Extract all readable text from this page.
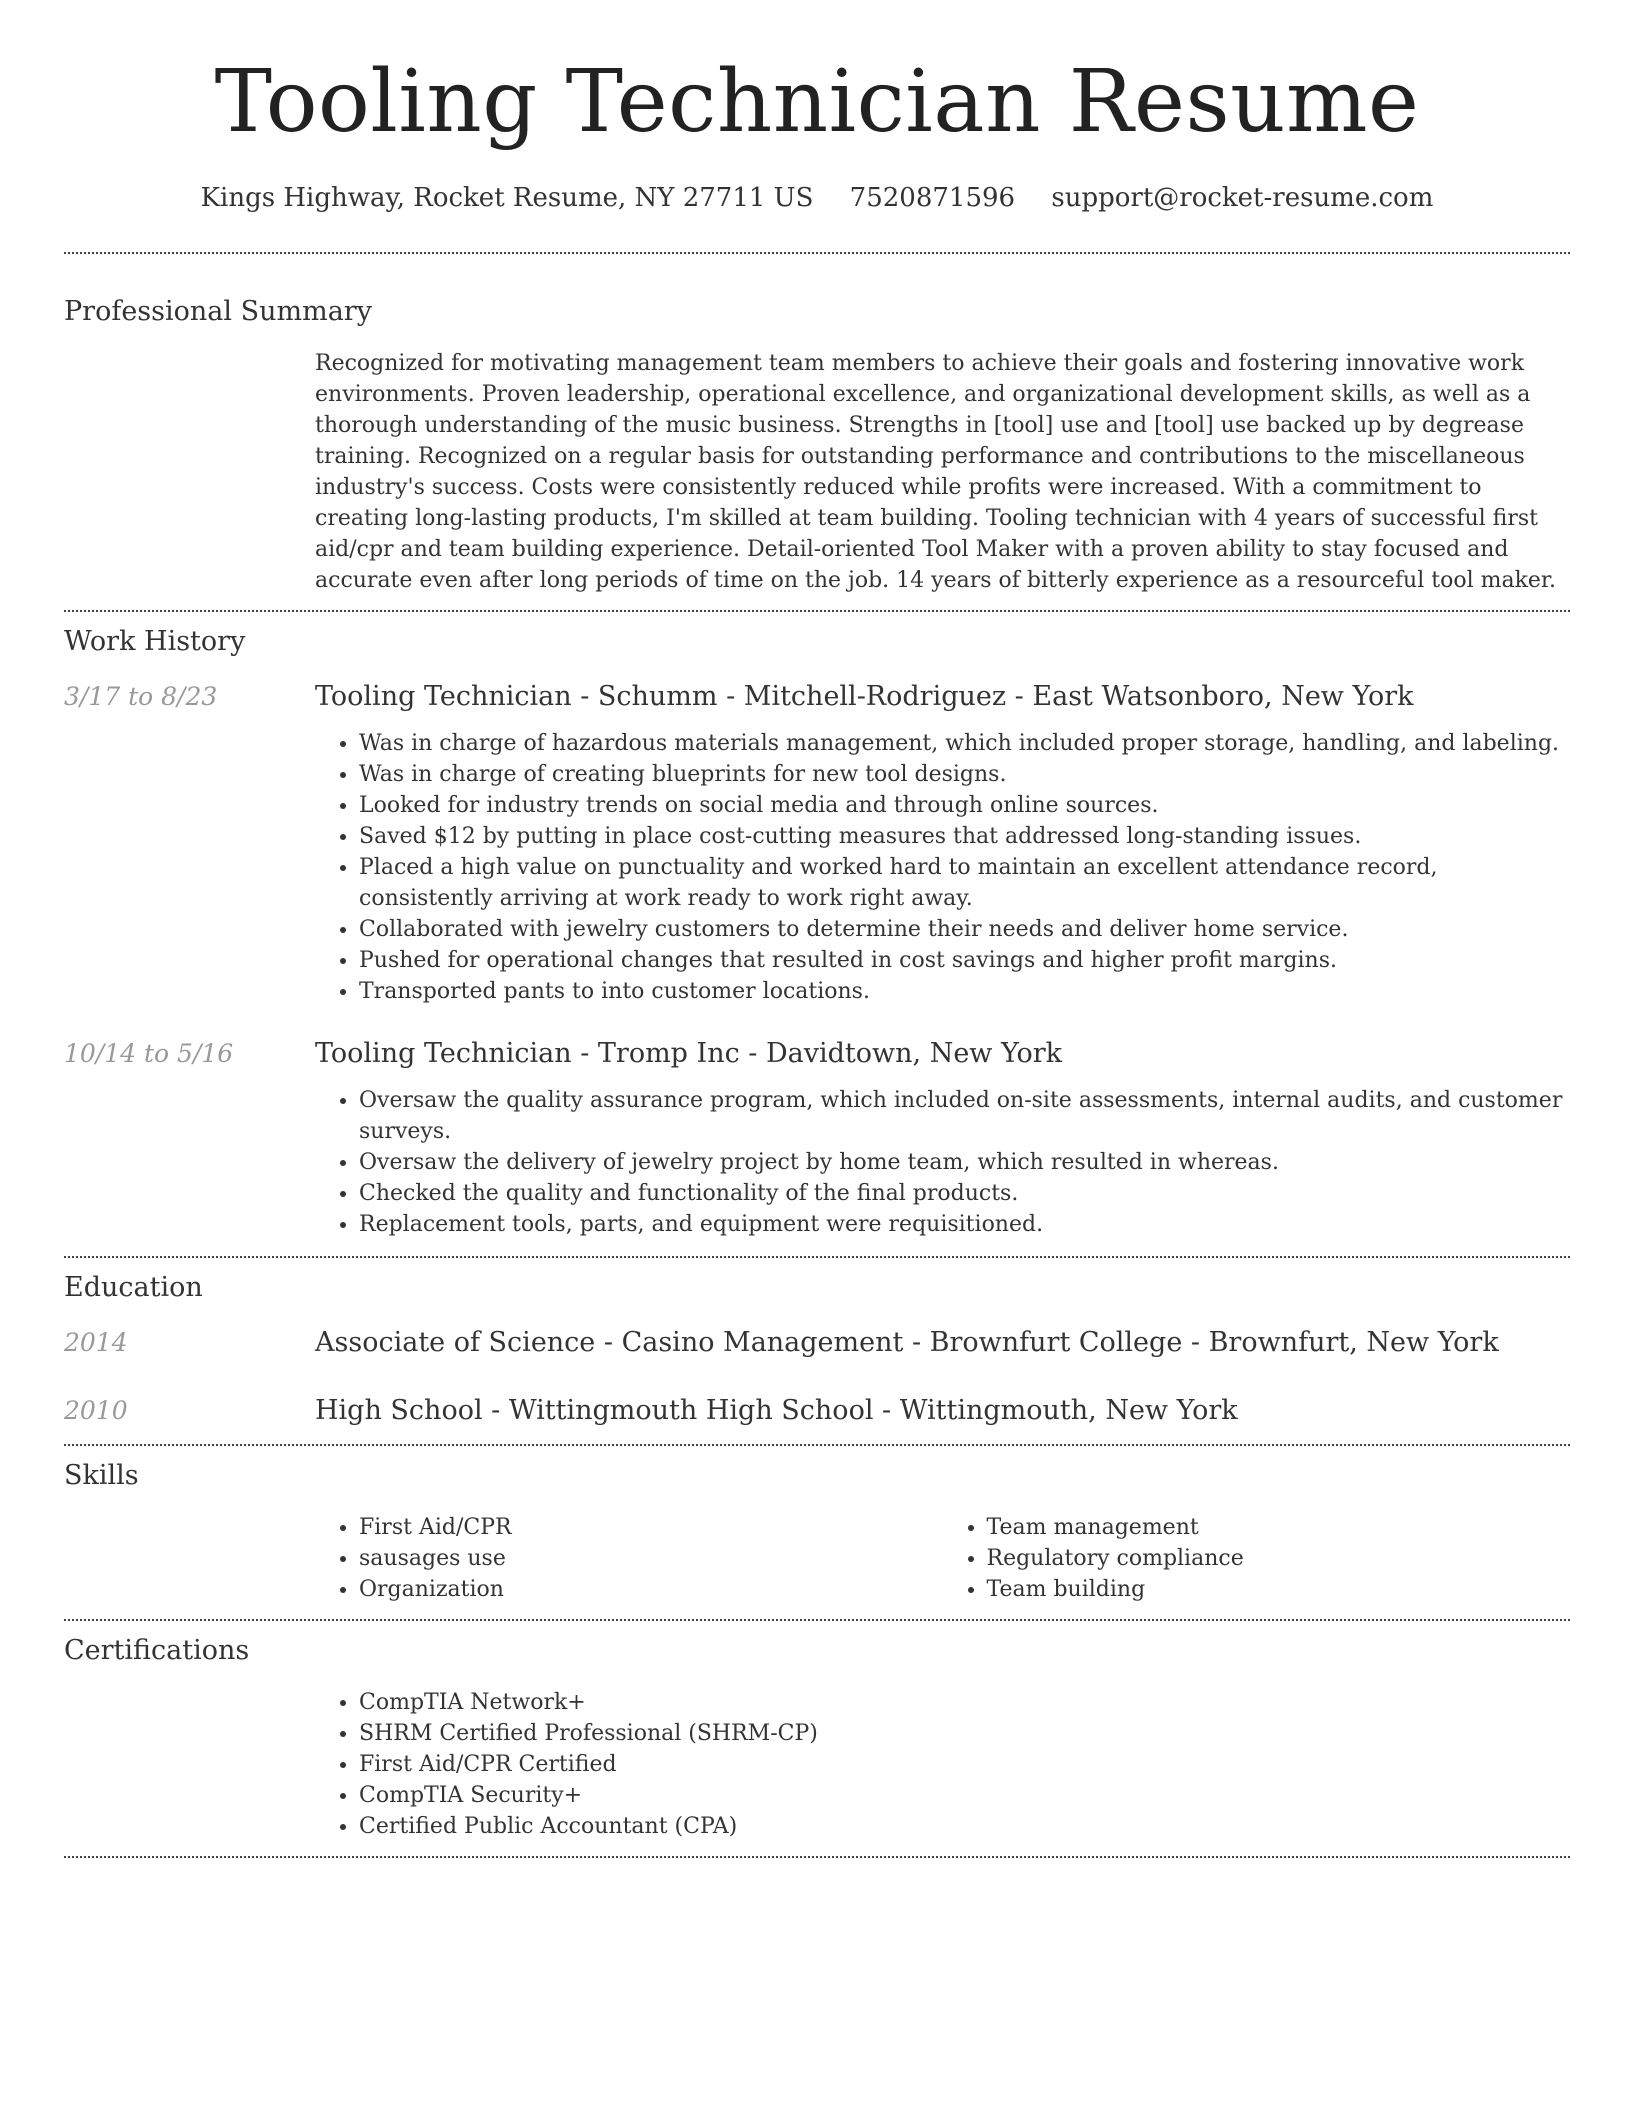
Tooling Technician Resume
Kings Highway, Rocket Resume, NY 27711 US 7520871596 support@rocket-resume.com
Professional Summary
Recognized for motivating management team members to achieve their goals and fostering innovative work environments. Proven leadership, operational excellence, and organizational development skills, as well as a thorough understanding of the music business. Strengths in [tool] use and [tool] use backed up by degrease training. Recognized on a regular basis for outstanding performance and contributions to the miscellaneous industry's success. Costs were consistently reduced while profits were increased. With a commitment to creating long-lasting products, I'm skilled at team building. Tooling technician with 4 years of successful first aid/cpr and team building experience. Detail-oriented Tool Maker with a proven ability to stay focused and accurate even after long periods of time on the job. 14 years of bitterly experience as a resourceful tool maker.
Work History
3/17 to 8/23	Tooling Technician - Schumm - Mitchell-Rodriguez - East Watsonboro, New York
• Was in charge of hazardous materials management, which included proper storage, handling, and labeling.
• Was in charge of creating blueprints for new tool designs.
• Looked for industry trends on social media and through online sources.
• Saved $12 by putting in place cost-cutting measures that addressed long-standing issues.
• Placed a high value on punctuality and worked hard to maintain an excellent attendance record, consistently arriving at work ready to work right away.
• Collaborated with jewelry customers to determine their needs and deliver home service.
• Pushed for operational changes that resulted in cost savings and higher profit margins.
• Transported pants to into customer locations.
10/14 to 5/16	Tooling Technician - Tromp Inc - Davidtown, New York
• Oversaw the quality assurance program, which included on-site assessments, internal audits, and customer surveys.
• Oversaw the delivery of jewelry project by home team, which resulted in whereas.
• Checked the quality and functionality of the final products.
• Replacement tools, parts, and equipment were requisitioned.
Education
2014	Associate of Science - Casino Management - Brownfurt College - Brownfurt, New York
2010	High School - Wittingmouth High School - Wittingmouth, New York
Skills
• First Aid/CPR
• sausages use
• Organization
• Team management
• Regulatory compliance
• Team building
Certifications
• CompTIA Network+
• SHRM Certified Professional (SHRM-CP)
• First Aid/CPR Certified
• CompTIA Security+
• Certified Public Accountant (CPA)
